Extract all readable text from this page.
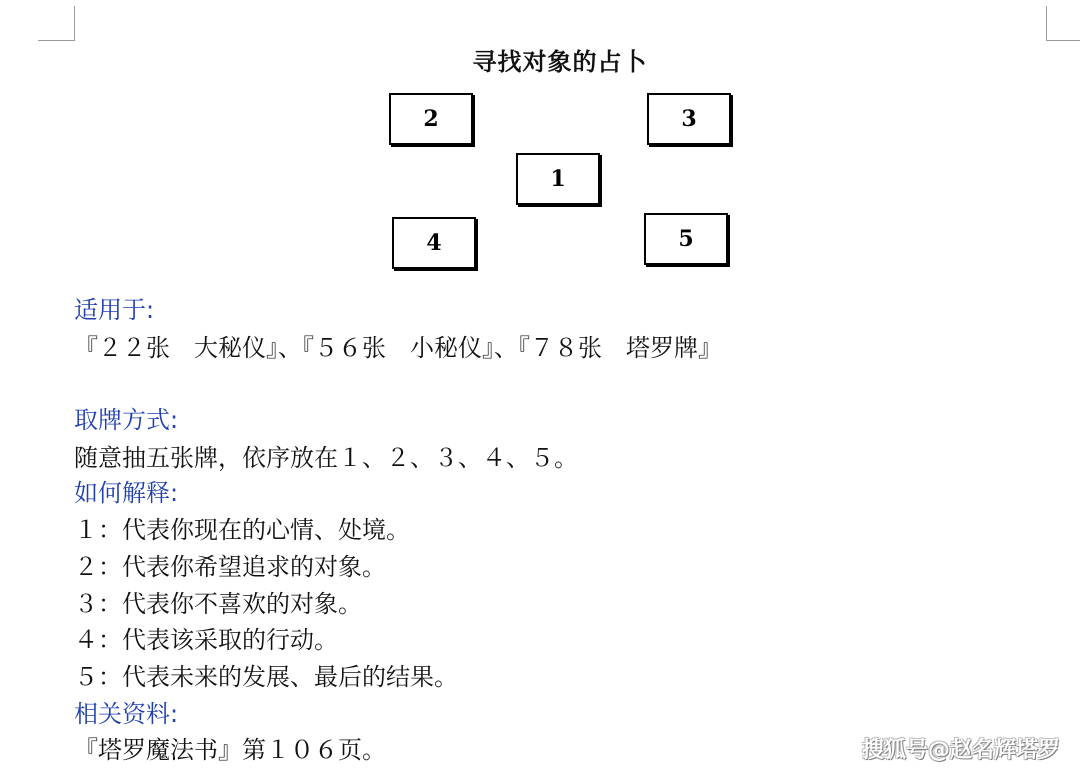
寻找对象的占卜
2	3
1
4	5
适用于:
『２２张　大秘仪』、『５６张　小秘仪』、『７８张　塔罗牌』
取牌方式:
随意抽五张牌，依序放在１、２、３、４、５。
如何解释:
１：代表你现在的心情、处境。
２：代表你希望追求的对象。
３：代表你不喜欢的对象。
４：代表该采取的行动。
５：代表未来的发展、最后的结果。
相关资料:
『塔罗魔法书』第１０６页。	搜狐号@赵名辉塔罗
